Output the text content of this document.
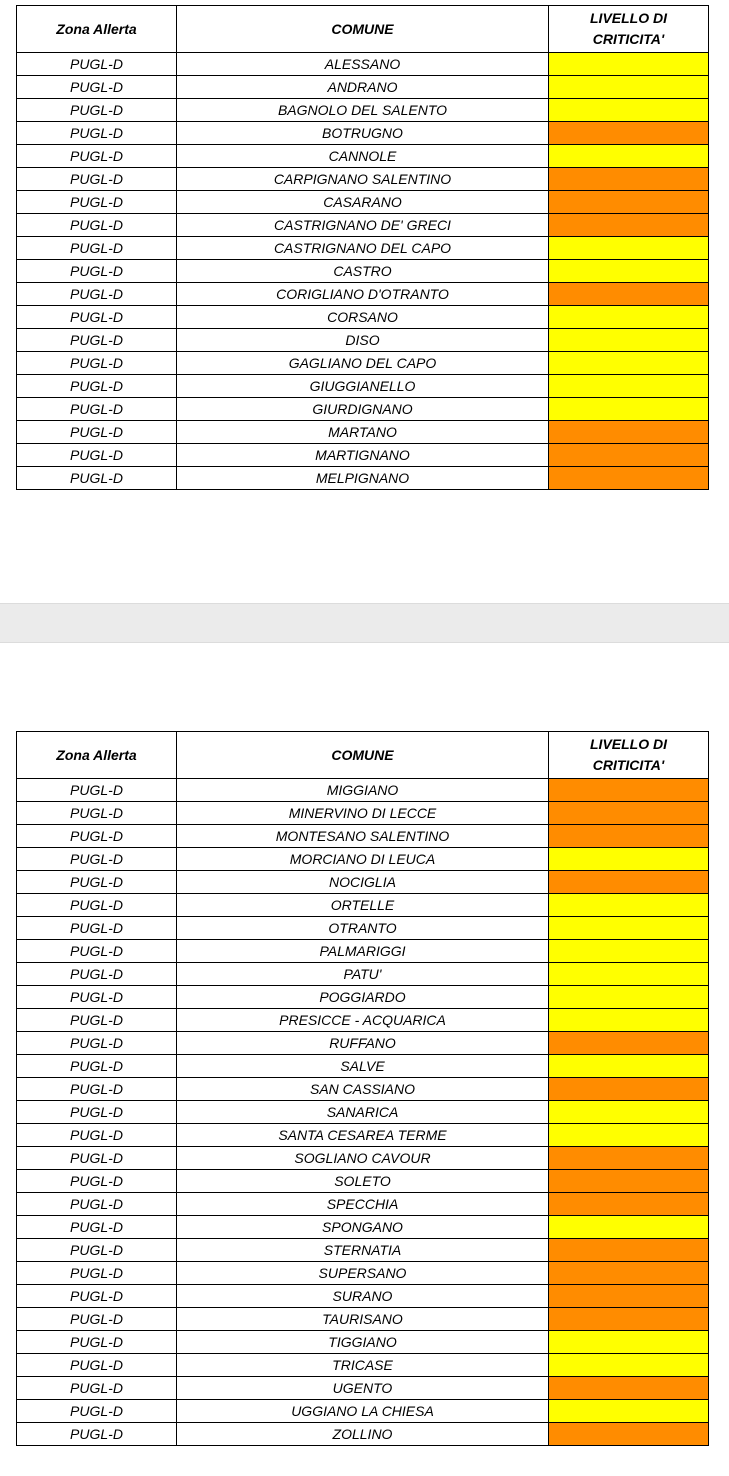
Zona Allerta	COMUNE	LIVELLO DI
CRITICITA'
PUGL-D	ALESSANO	
PUGL-D	ANDRANO	
PUGL-D	BAGNOLO DEL SALENTO	
PUGL-D	BOTRUGNO	
PUGL-D	CANNOLE	
PUGL-D	CARPIGNANO SALENTINO	
PUGL-D	CASARANO	
PUGL-D	CASTRIGNANO DE' GRECI	
PUGL-D	CASTRIGNANO DEL CAPO	
PUGL-D	CASTRO	
PUGL-D	CORIGLIANO D'OTRANTO	
PUGL-D	CORSANO	
PUGL-D	DISO	
PUGL-D	GAGLIANO DEL CAPO	
PUGL-D	GIUGGIANELLO	
PUGL-D	GIURDIGNANO	
PUGL-D	MARTANO	
PUGL-D	MARTIGNANO	
PUGL-D	MELPIGNANO	
Zona Allerta	COMUNE	LIVELLO DI
CRITICITA'
PUGL-D	MIGGIANO	
PUGL-D	MINERVINO DI LECCE	
PUGL-D	MONTESANO SALENTINO	
PUGL-D	MORCIANO DI LEUCA	
PUGL-D	NOCIGLIA	
PUGL-D	ORTELLE	
PUGL-D	OTRANTO	
PUGL-D	PALMARIGGI	
PUGL-D	PATU'	
PUGL-D	POGGIARDO	
PUGL-D	PRESICCE - ACQUARICA	
PUGL-D	RUFFANO	
PUGL-D	SALVE	
PUGL-D	SAN CASSIANO	
PUGL-D	SANARICA	
PUGL-D	SANTA CESAREA TERME	
PUGL-D	SOGLIANO CAVOUR	
PUGL-D	SOLETO	
PUGL-D	SPECCHIA	
PUGL-D	SPONGANO	
PUGL-D	STERNATIA	
PUGL-D	SUPERSANO	
PUGL-D	SURANO	
PUGL-D	TAURISANO	
PUGL-D	TIGGIANO	
PUGL-D	TRICASE	
PUGL-D	UGENTO	
PUGL-D	UGGIANO LA CHIESA	
PUGL-D	ZOLLINO	
